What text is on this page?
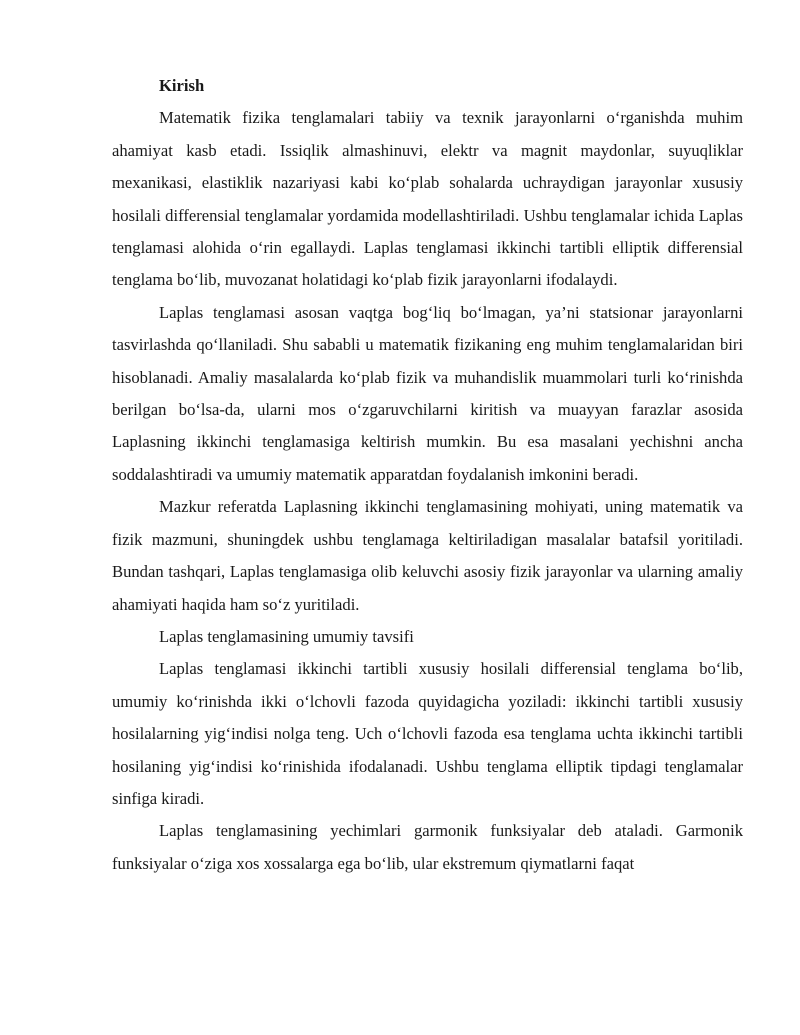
Kirish

Matematik fizika tenglamalari tabiiy va texnik jarayonlarni o‘rganishda muhim ahamiyat kasb etadi. Issiqlik almashinuvi, elektr va magnit maydonlar, suyuqliklar mexanikasi, elastiklik nazariyasi kabi ko‘plab sohalarda uchraydigan jarayonlar xususiy hosilali differensial tenglamalar yordamida modellashtiriladi. Ushbu tenglamalar ichida Laplas tenglamasi alohida o‘rin egallaydi. Laplas tenglamasi ikkinchi tartibli elliptik differensial tenglama bo‘lib, muvozanat holatidagi ko‘plab fizik jarayonlarni ifodalaydi.

Laplas tenglamasi asosan vaqtga bog‘liq bo‘lmagan, ya’ni statsionar jarayonlarni tasvirlashda qo‘llaniladi. Shu sababli u matematik fizikaning eng muhim tenglamalaridan biri hisoblanadi. Amaliy masalalarda ko‘plab fizik va muhandislik muammolari turli ko‘rinishda berilgan bo‘lsa-da, ularni mos o‘zgaruvchilarni kiritish va muayyan farazlar asosida Laplasning ikkinchi tenglamasiga keltirish mumkin. Bu esa masalani yechishni ancha soddalashtiradi va umumiy matematik apparatdan foydalanish imkonini beradi.

Mazkur referatda Laplasning ikkinchi tenglamasining mohiyati, uning matematik va fizik mazmuni, shuningdek ushbu tenglamaga keltiriladigan masalalar batafsil yoritiladi. Bundan tashqari, Laplas tenglamasiga olib keluvchi asosiy fizik jarayonlar va ularning amaliy ahamiyati haqida ham so‘z yuritiladi.

Laplas tenglamasining umumiy tavsifi

Laplas tenglamasi ikkinchi tartibli xususiy hosilali differensial tenglama bo‘lib, umumiy ko‘rinishda ikki o‘lchovli fazoda quyidagicha yoziladi: ikkinchi tartibli xususiy hosilalarning yig‘indisi nolga teng. Uch o‘lchovli fazoda esa tenglama uchta ikkinchi tartibli hosilaning yig‘indisi ko‘rinishida ifodalanadi. Ushbu tenglama elliptik tipdagi tenglamalar sinfiga kiradi.

Laplas tenglamasining yechimlari garmonik funksiyalar deb ataladi. Garmonik funksiyalar o‘ziga xos xossalarga ega bo‘lib, ular ekstremum qiymatlarni faqat
